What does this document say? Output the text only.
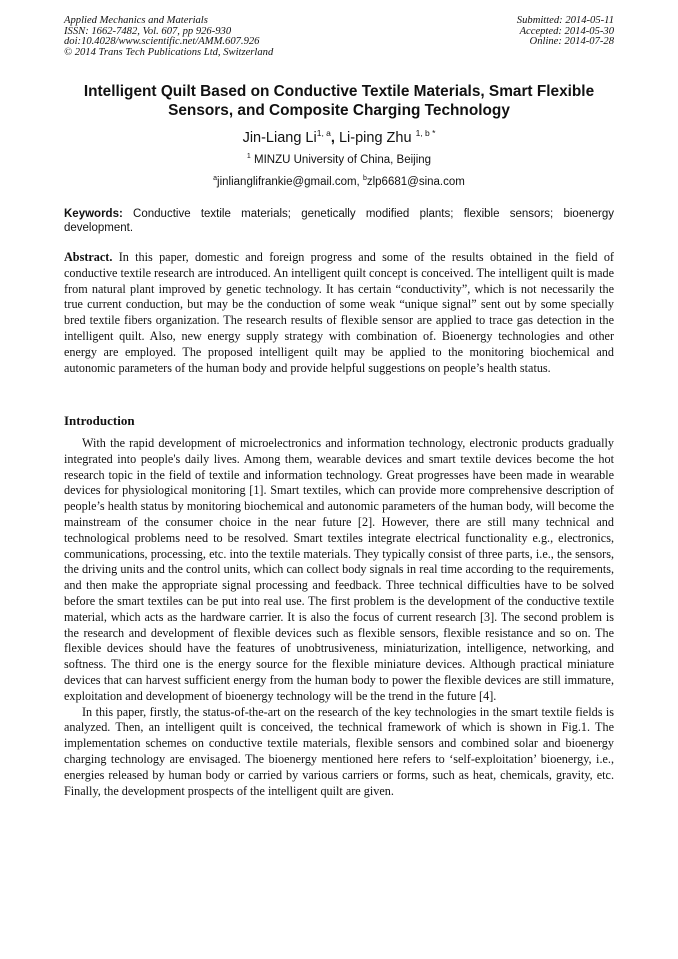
Applied Mechanics and Materials
ISSN: 1662-7482, Vol. 607, pp 926-930
doi:10.4028/www.scientific.net/AMM.607.926
© 2014 Trans Tech Publications Ltd, Switzerland
Submitted: 2014-05-11
Accepted: 2014-05-30
Online: 2014-07-28
Intelligent Quilt Based on Conductive Textile Materials, Smart Flexible Sensors, and Composite Charging Technology
Jin-Liang Li$^{1, a}$, Li-ping Zhu $^{1, b *}$
$^1$ MINZU University of China, Beijing
$^a$jinlianglifrankie@gmail.com, $^b$zlp6681@sina.com
Keywords: Conductive textile materials; genetically modified plants; flexible sensors; bioenergy development.
Abstract. In this paper, domestic and foreign progress and some of the results obtained in the field of conductive textile research are introduced. An intelligent quilt concept is conceived. The intelligent quilt is made from natural plant improved by genetic technology. It has certain “conductivity”, which is not necessarily the true current conduction, but may be the conduction of some weak “unique signal” sent out by some specially bred textile fibers organization. The research results of flexible sensor are applied to trace gas detection in the intelligent quilt. Also, new energy supply strategy with combination of. Bioenergy technologies and other energy are employed. The proposed intelligent quilt may be applied to the monitoring biochemical and autonomic parameters of the human body and provide helpful suggestions on people’s health status.
Introduction

With the rapid development of microelectronics and information technology, electronic products gradually integrated into people's daily lives. Among them, wearable devices and smart textile devices become the hot research topic in the field of textile and information technology. Great progresses have been made in wearable devices for physiological monitoring [1]. Smart textiles, which can provide more comprehensive description of people’s health status by monitoring biochemical and autonomic parameters of the human body, will become the mainstream of the consumer choice in the near future [2]. However, there are still many technical and technological problems need to be resolved. Smart textiles integrate electrical functionality e.g., electronics, communications, processing, etc. into the textile materials. They typically consist of three parts, i.e., the sensors, the driving units and the control units, which can collect body signals in real time according to the requirements, and then make the appropriate signal processing and feedback. Three technical difficulties have to be solved before the smart textiles can be put into real use. The first problem is the development of the conductive textile material, which acts as the hardware carrier. It is also the focus of current research [3]. The second problem is the research and development of flexible devices such as flexible sensors, flexible resistance and so on. The flexible devices should have the features of unobtrusiveness, miniaturization, intelligence, networking, and softness. The third one is the energy source for the flexible miniature devices. Although practical miniature devices that can harvest sufficient energy from the human body to power the flexible devices are still immature, exploitation and development of bioenergy technology will be the trend in the future [4].

In this paper, firstly, the status-of-the-art on the research of the key technologies in the smart textile fields is analyzed. Then, an intelligent quilt is conceived, the technical framework of which is shown in Fig.1. The implementation schemes on conductive textile materials, flexible sensors and combined solar and bioenergy charging technology are envisaged. The bioenergy mentioned here refers to ‘self-exploitation’ bioenergy, i.e., energies released by human body or carried by various carriers or forms, such as heat, chemicals, gravity, etc. Finally, the development prospects of the intelligent quilt are given.
